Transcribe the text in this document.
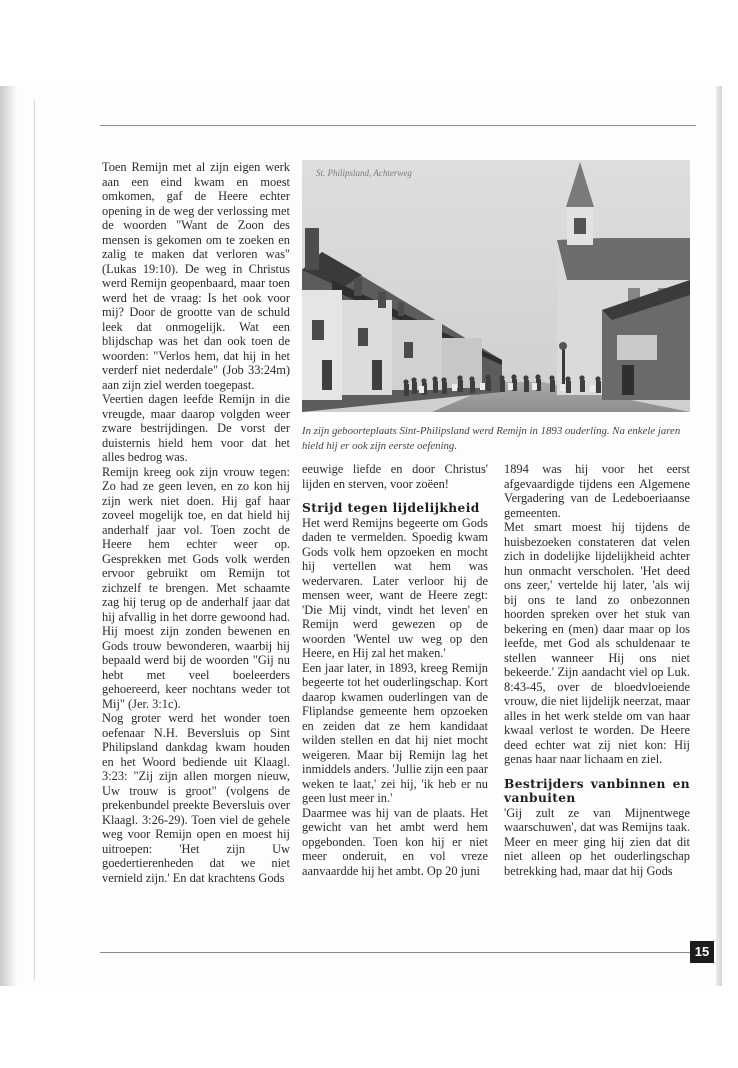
Toen Remijn met al zijn eigen werk aan een eind kwam en moest omkomen, gaf de Heere echter opening in de weg der verlossing met de woorden "Want de Zoon des mensen is gekomen om te zoeken en zalig te maken dat verloren was" (Lukas 19:10). De weg in Christus werd Remijn geopenbaard, maar toen werd het de vraag: Is het ook voor mij? Door de grootte van de schuld leek dat onmogelijk. Wat een blijdschap was het dan ook toen de woorden: "Verlos hem, dat hij in het verderf niet nederdale" (Job 33:24m) aan zijn ziel werden toegepast.

Veertien dagen leefde Remijn in die vreugde, maar daarop volgden weer zware bestrijdingen. De vorst der duisternis hield hem voor dat het alles bedrog was.

Remijn kreeg ook zijn vrouw tegen: Zo had ze geen leven, en zo kon hij zijn werk niet doen. Hij gaf haar zoveel mogelijk toe, en dat hield hij anderhalf jaar vol. Toen zocht de Heere hem echter weer op. Gesprekken met Gods volk werden ervoor gebruikt om Remijn tot zichzelf te brengen. Met schaamte zag hij terug op de anderhalf jaar dat hij afvallig in het dorre gewoond had. Hij moest zijn zonden bewenen en Gods trouw bewonderen, waarbij hij bepaald werd bij de woorden "Gij nu hebt met veel boeleerders gehoereerd, keer nochtans weder tot Mij" (Jer. 3:1c).

Nog groter werd het wonder toen oefenaar N.H. Beversluis op Sint Philipsland dankdag kwam houden en het Woord bediende uit Klaagl. 3:23: "Zij zijn allen morgen nieuw, Uw trouw is groot" (volgens de prekenbundel preekte Beversluis over Klaagl. 3:26-29). Toen viel de gehele weg voor Remijn open en moest hij uitroepen: 'Het zijn Uw goedertierenheden dat we niet vernield zijn.' En dat krachtens Gods

St. Philipsland, Achterweg
In zijn geboorteplaats Sint-Philipsland werd Remijn in 1893 ouderling. Na enkele jaren hield hij er ook zijn eerste oefening.

eeuwige liefde en door Christus' lijden en sterven, voor zoëen!

Strijd tegen lijdelijkheid

Het werd Remijns begeerte om Gods daden te vermelden. Spoedig kwam Gods volk hem opzoeken en mocht hij vertellen wat hem was wedervaren. Later verloor hij de mensen weer, want de Heere zegt: 'Die Mij vindt, vindt het leven' en Remijn werd gewezen op de woorden 'Wentel uw weg op den Heere, en Hij zal het maken.'

Een jaar later, in 1893, kreeg Remijn begeerte tot het ouderlingschap. Kort daarop kwamen ouderlingen van de Fliplandse gemeente hem opzoeken en zeiden dat ze hem kandidaat wilden stellen en dat hij niet mocht weigeren. Maar bij Remijn lag het inmiddels anders. 'Jullie zijn een paar weken te laat,' zei hij, 'ik heb er nu geen lust meer in.'

Daarmee was hij van de plaats. Het gewicht van het ambt werd hem opgebonden. Toen kon hij er niet meer onderuit, en vol vreze aanvaardde hij het ambt. Op 20 juni

1894 was hij voor het eerst afgevaardigde tijdens een Algemene Vergadering van de Ledeboeriaanse gemeenten.

Met smart moest hij tijdens de huisbezoeken constateren dat velen zich in dodelijke lijdelijkheid achter hun onmacht verscholen. 'Het deed ons zeer,' vertelde hij later, 'als wij bij ons te land zo onbezonnen hoorden spreken over het stuk van bekering en (men) daar maar op los leefde, met God als schuldenaar te stellen wanneer Hij ons niet bekeerde.' Zijn aandacht viel op Luk. 8:43-45, over de bloedvloeiende vrouw, die niet lijdelijk neerzat, maar alles in het werk stelde om van haar kwaal verlost te worden. De Heere deed echter wat zij niet kon: Hij genas haar naar lichaam en ziel.

Bestrijders vanbinnen en vanbuiten

'Gij zult ze van Mijnentwege waarschuwen', dat was Remijns taak. Meer en meer ging hij zien dat dit niet alleen op het ouderlingschap betrekking had, maar dat hij Gods

15
